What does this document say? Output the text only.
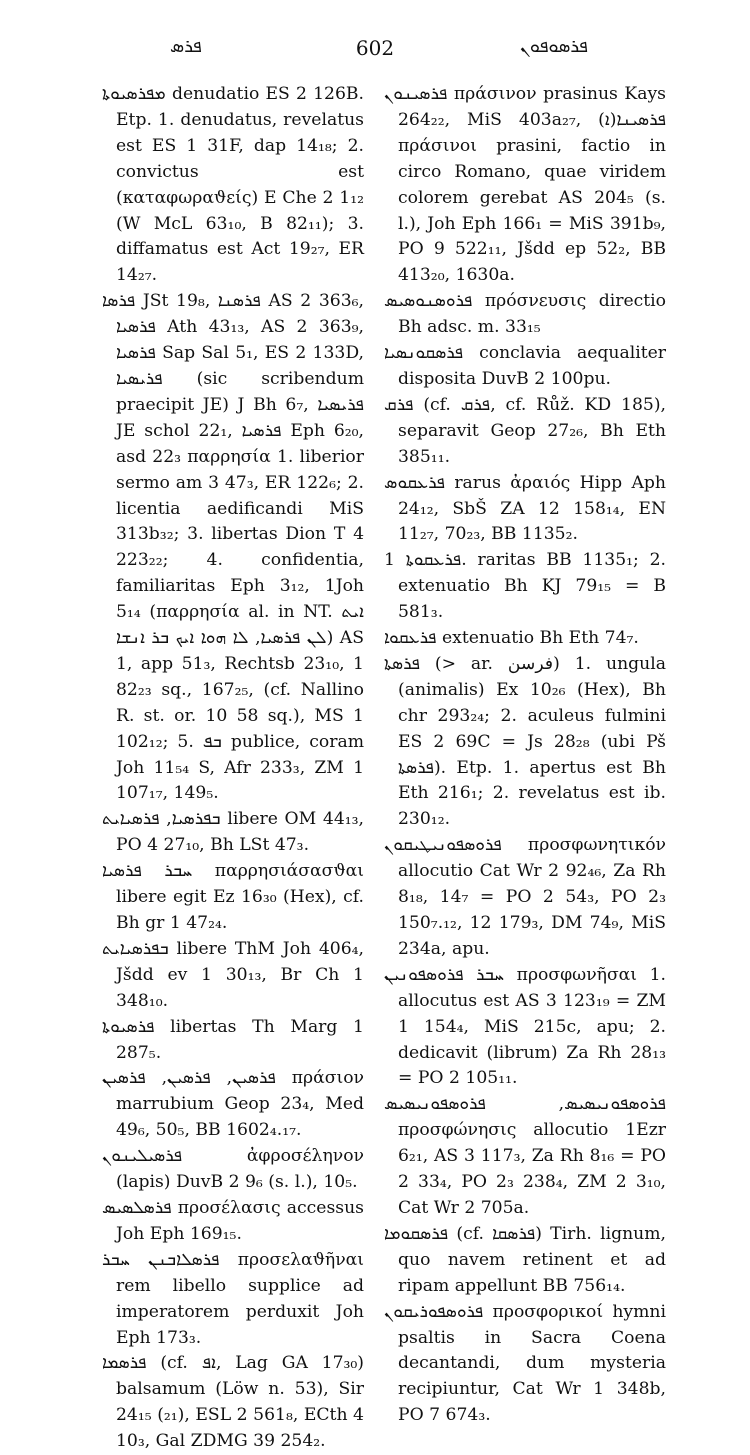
ܦܪܣ	602	ܦܪܣܘܦܘܢ

ܡܦܪܣܝܘܬܐ denudatio ES 2 126B. Etp. 1. denudatus, revelatus est ES 1 31F, dap 14₁₈; 2. convictus est (καταφωραϑείς) E Che 2 1₁₂ (W McL 63₁₀, B 82₁₁); 3. diffamatus est Act 19₂₇, ER 14₂₇.

ܦܪܣܐ JSt 19₈, ܦܪܣܢܐ AS 2 363₆, ܦܪܣܝܐ Ath 43₁₃, AS 2 363₉, ܦܪܣܝܐ Sap Sal 5₁, ES 2 133D, ܦܪܝܣܝܐ (sic scribendum praecipit JE) J Bh 6₇, ܦܪܝܣܝܐ JE schol 22₁, ܦܪܣܝܐ Eph 6₂₀, asd 22₃ παρρησία 1. liberior sermo am 3 47₃, ER 122₆; 2. licentia aedificandi MiS 313b₃₂; 3. libertas Dion T 4 223₂₂; 4. confidentia, familiaritas Eph 3₁₂, 1Joh 5₁₄ (παρρησία al. in NT. ܐܝܬ ܠܢ ܦܪܣܝܐ, ܠܐ ܗܘܐ ܐܝܟ ܒܪ ܐܢܫܐ) AS 1, app 51₃, Rechtsb 23₁₀, 1 82₂₃ sq., 167₂₅, (cf. Nallino R. st. or. 10 58 sq.), MS 1 102₁₂; 5. ܒܦ publice, coram Joh 11₅₄ S, Afr 233₃, ZM 1 107₁₇, 149₅.

ܒܦܪܣܝܐ, ܦܪܣܝܐܝܬ libere OM 44₁₃, PO 4 27₁₀, Bh LSt 47₃.

ܚܒܪ ܦܪܣܝܐ παρρησιάσασϑαι libere egit Ez 16₃₀ (Hex), cf. Bh gr 1 47₂₄.

ܒܦܪܣܝܐܝܬ libere ThM Joh 406₄, Jšdd ev 1 30₁₃, Br Ch 1 348₁₀.

ܦܪܣܝܘܬܐ libertas Th Marg 1 287₅.

ܦܪܣܝܢ, ܦܪܣܝܢ, ܦܪܣܝܢ πράσιον marrubium Geop 23₄, Med 49₆, 50₅, BB 1602₄.₁₇.

ܦܪܣܝܠܝܢܘܢ ἀφροσέληνον (lapis) DuvB 2 9₆ (s. l.), 10₅.

ܦܪܣܠܣܝܣ προσέλασις accessus Joh Eph 169₁₅.

ܦܪܣܠܐܒܢܢ ܚܒܪ προσελαϑῆναι rem libello supplice ad imperatorem perduxit Joh Eph 173₃.

ܦܪܣܡܐ (cf. ܐܦ, Lag GA 17₃₀) balsamum (Löw n. 53), Sir 24₁₅ (₂₁), ESL 2 561₈, ECth 4 10₃, Gal ZDMG 39 254₂.

ܦܪܣܝܢܘܢ πράσινον prasinus Kays 264₂₂, MiS 403a₂₇, (ܐ)ܦܪܣܝܢܐ πράσινοι prasini, factio in circo Romano, quae viridem colorem gerebat AS 204₅ (s. l.), Joh Eph 166₁ = MiS 391b₉, PO 9 522₁₁, Jšdd ep 52₂, BB 413₂₀, 1630a.

ܦܪܘܣܢܘܣܝܣ πρόσνευσις directio Bh adsc. m. 33₁₅

ܦܪܣܩܘܢܣܝܐ conclavia aequaliter disposita DuvB 2 100pu.

ܦܪܩ (cf. ܦܪܩ, cf. Růž. KD 185), separavit Geop 27₂₆, Bh Eth 385₁₁.

ܦܪܥܩܘܣ rarus ἀραιός Hipp Aph 24₁₂, SbŠ ZA 12 158₁₄, EN 11₂₇, 70₂₃, BB 1135₂.

ܦܪܥܩܘܬܐ 1. raritas BB 1135₁; 2. extenuatio Bh KJ 79₁₅ = B 581₃.

ܦܪܥܩܘܐ extenuatio Bh Eth 74₇.

ܦܪܣܬܐ (> ar. فرسن) 1. ungula (animalis) Ex 10₂₆ (Hex), Bh chr 293₂₄; 2. aculeus fulmini ES 2 69C = Js 28₂₈ (ubi Pš ܦܪܣܬܐ). Etp. 1. apertus est Bh Eth 216₁; 2. revelatus est ib. 230₁₂.

ܦܪܘܣܦܘܢܝܛܝܩܘܢ προσφωνητικόν allocutio Cat Wr 2 92₄₆, Za Rh 8₁₈, 14₇ = PO 2 54₃, PO 2₃ 150₇.₁₂, 12 179₃, DM 74₉, MiS 234a, apu.

ܚܒܪ ܦܪܘܣܦܘܢܝܢ προσφωνῆσαι 1. allocutus est AS 3 123₁₉ = ZM 1 154₄, MiS 215c, apu; 2. dedicavit (librum) Za Rh 28₁₃ = PO 2 105₁₁.

ܦܪܘܣܦܘܢܝܣܝܣ, ܦܪܘܣܦܘܢܝܣܝܣ προσφώνησις allocutio 1Ezr 6₂₁, AS 3 117₃, Za Rh 8₁₆ = PO 2 33₄, PO 2₃ 238₄, ZM 2 3₁₀, Cat Wr 2 705a.

ܦܪܣܩܘܡܐ (cf. ܦܪܣܩܐ) Tirh. lignum, quo navem retinent et ad ripam appellunt BB 756₁₄.

ܦܪܘܣܦܘܪܝܩܘܢ προσφορικοί hymni psaltis in Sacra Coena decantandi, dum mysteria recipiuntur, Cat Wr 1 348b, PO 7 674₃.
